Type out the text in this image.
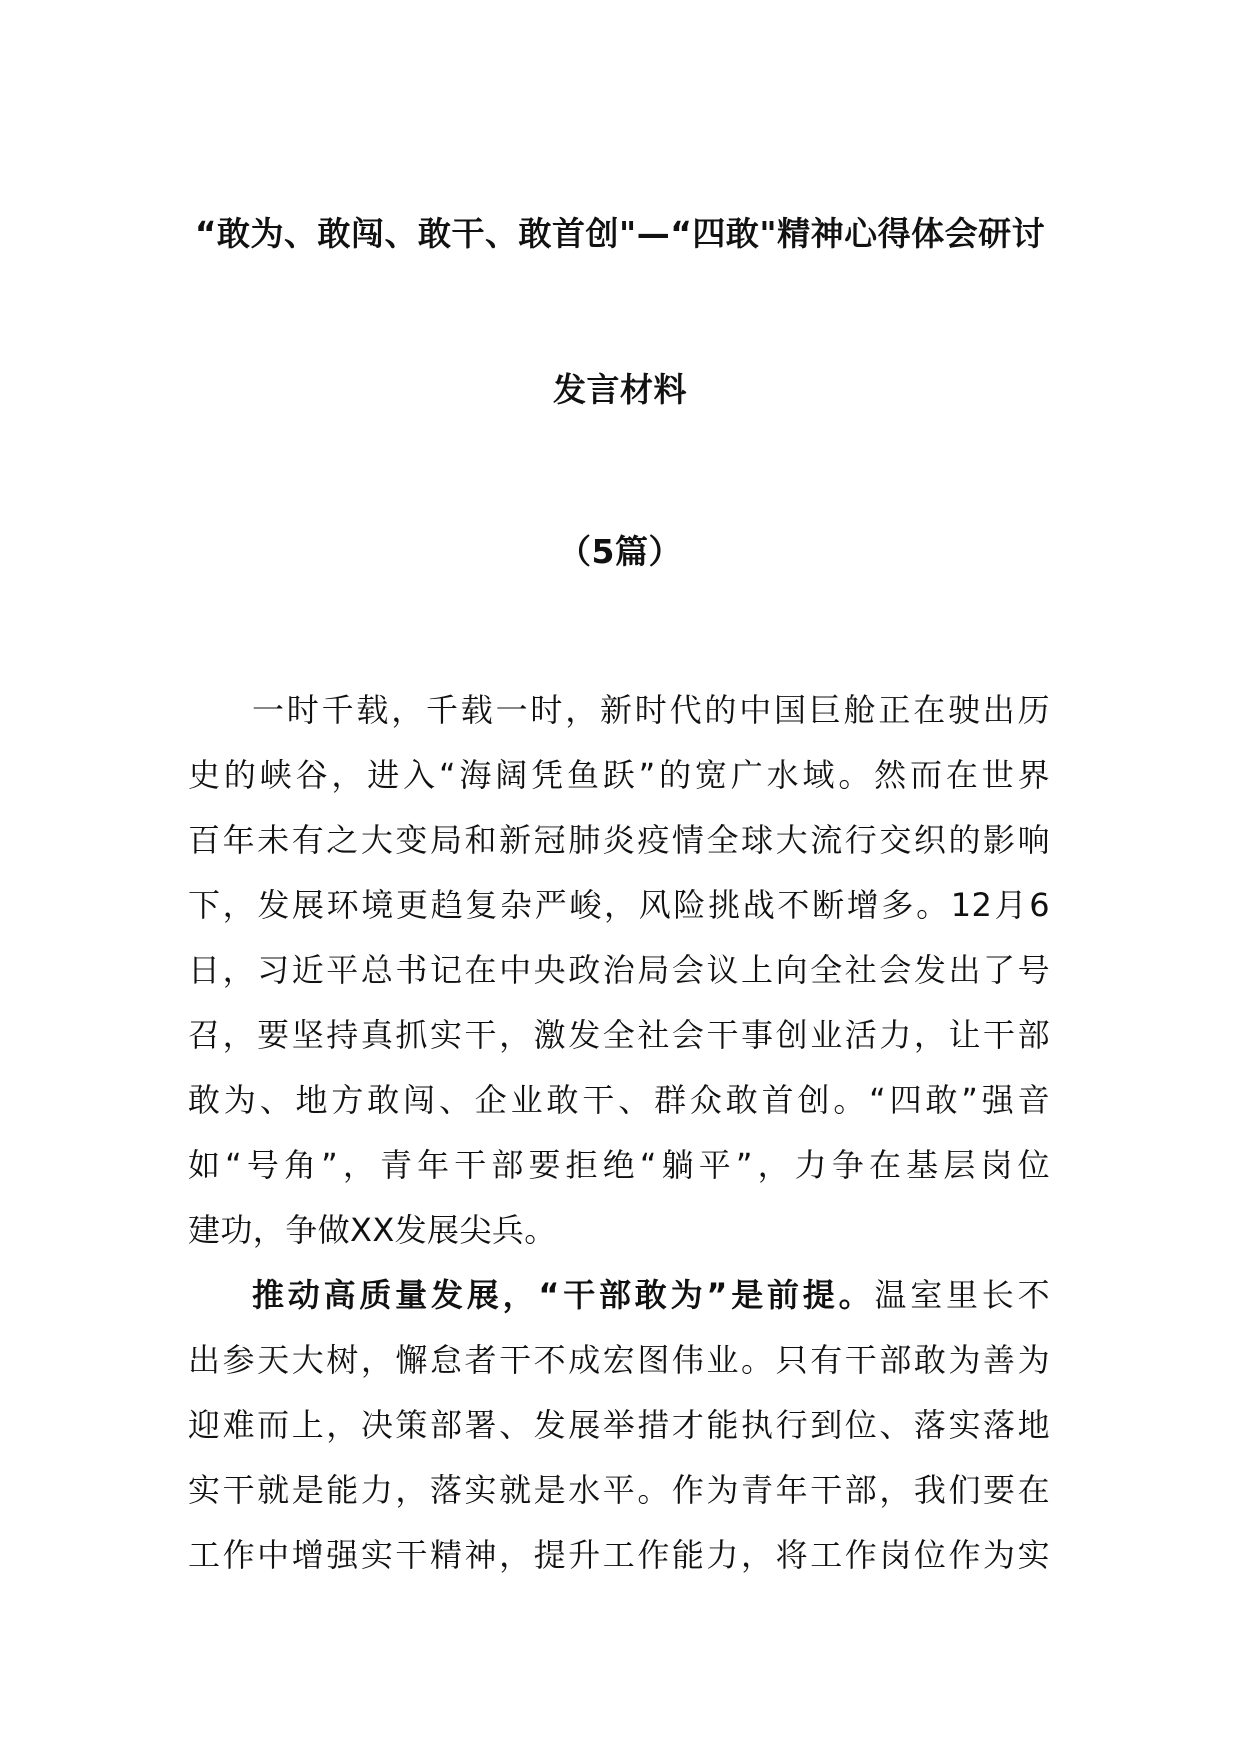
“敢为、敢闯、敢干、敢首创"—“四敢"精神心得体会研讨
发言材料
（5篇）
一时千载，千载一时，新时代的中国巨舱正在驶出历
史的峡谷，进入“海阔凭鱼跃”的宽广水域。然而在世界
百年未有之大变局和新冠肺炎疫情全球大流行交织的影响
下，发展环境更趋复杂严峻，风险挑战不断增多。12月6
日，习近平总书记在中央政治局会议上向全社会发出了号
召，要坚持真抓实干，激发全社会干事创业活力，让干部
敢为、地方敢闯、企业敢干、群众敢首创。“四敢”强音
如“号角”，青年干部要拒绝“躺平”，力争在基层岗位
建功，争做XX发展尖兵。
推动高质量发展，“干部敢为”是前提。温室里长不
出参天大树，懈怠者干不成宏图伟业。只有干部敢为善为
迎难而上，决策部署、发展举措才能执行到位、落实落地
实干就是能力，落实就是水平。作为青年干部，我们要在
工作中增强实干精神，提升工作能力，将工作岗位作为实
